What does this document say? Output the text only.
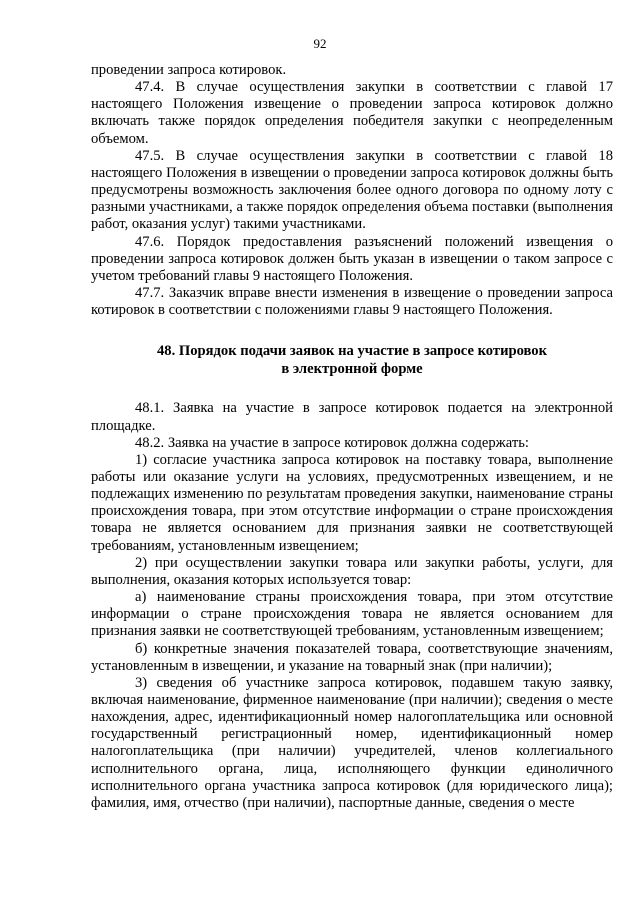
92

проведении запроса котировок.

47.4. В случае осуществления закупки в соответствии с главой 17 настоящего Положения извещение о проведении запроса котировок должно включать также порядок определения победителя закупки с неопределенным объемом.

47.5. В случае осуществления закупки в соответствии с главой 18 настоящего Положения в извещении о проведении запроса котировок должны быть предусмотрены возможность заключения более одного договора по одному лоту с разными участниками, а также порядок определения объема поставки (выполнения работ, оказания услуг) такими участниками.

47.6. Порядок предоставления разъяснений положений извещения о проведении запроса котировок должен быть указан в извещении о таком запросе с учетом требований главы 9 настоящего Положения.

47.7. Заказчик вправе внести изменения в извещение о проведении запроса котировок в соответствии с положениями главы 9 настоящего Положения.

48. Порядок подачи заявок на участие в запросе котировок
в электронной форме

48.1. Заявка на участие в запросе котировок подается на электронной площадке.

48.2. Заявка на участие в запросе котировок должна содержать:

1) согласие участника запроса котировок на поставку товара, выполнение работы или оказание услуги на условиях, предусмотренных извещением, и не подлежащих изменению по результатам проведения закупки, наименование страны происхождения товара, при этом отсутствие информации о стране происхождения товара не является основанием для признания заявки не соответствующей требованиям, установленным извещением;

2) при осуществлении закупки товара или закупки работы, услуги, для выполнения, оказания которых используется товар:

а) наименование страны происхождения товара, при этом отсутствие информации о стране происхождения товара не является основанием для признания заявки не соответствующей требованиям, установленным извещением;

б) конкретные значения показателей товара, соответствующие значениям, установленным в извещении, и указание на товарный знак (при наличии);

3) сведения об участнике запроса котировок, подавшем такую заявку, включая наименование, фирменное наименование (при наличии); сведения о месте нахождения, адрес, идентификационный номер налогоплательщика или основной государственный регистрационный номер, идентификационный номер налогоплательщика (при наличии) учредителей, членов коллегиального исполнительного органа, лица, исполняющего функции единоличного исполнительного органа участника запроса котировок (для юридического лица); фамилия, имя, отчество (при наличии), паспортные данные, сведения о месте
